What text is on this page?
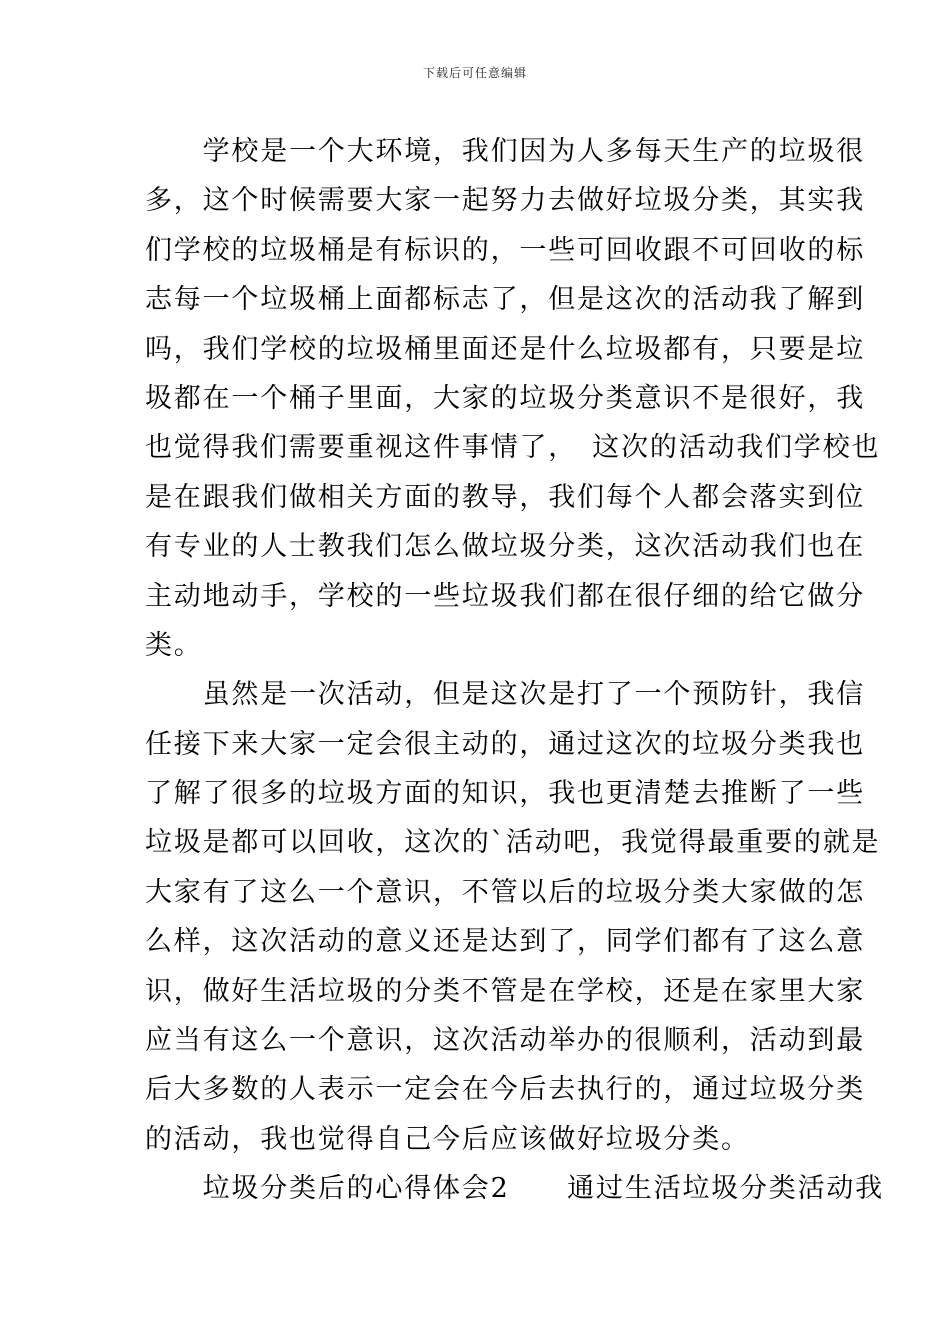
下载后可任意编辑
　　学校是一个大环境，我们因为人多每天生产的垃圾很
多，这个时候需要大家一起努力去做好垃圾分类，其实我
们学校的垃圾桶是有标识的，一些可回收跟不可回收的标
志每一个垃圾桶上面都标志了，但是这次的活动我了解到
吗，我们学校的垃圾桶里面还是什么垃圾都有，只要是垃
圾都在一个桶子里面，大家的垃圾分类意识不是很好，我
也觉得我们需要重视这件事情了，　这次的活动我们学校也
是在跟我们做相关方面的教导，我们每个人都会落实到位
有专业的人士教我们怎么做垃圾分类，这次活动我们也在
主动地动手，学校的一些垃圾我们都在很仔细的给它做分
类。
　　虽然是一次活动，但是这次是打了一个预防针，我信
任接下来大家一定会很主动的，通过这次的垃圾分类我也
了解了很多的垃圾方面的知识，我也更清楚去推断了一些
垃圾是都可以回收，这次的`活动吧，我觉得最重要的就是
大家有了这么一个意识，不管以后的垃圾分类大家做的怎
么样，这次活动的意义还是达到了，同学们都有了这么意
识，做好生活垃圾的分类不管是在学校，还是在家里大家
应当有这么一个意识，这次活动举办的很顺利，活动到最
后大多数的人表示一定会在今后去执行的，通过垃圾分类
的活动，我也觉得自己今后应该做好垃圾分类。
　　垃圾分类后的心得体会2　　通过生活垃圾分类活动我
